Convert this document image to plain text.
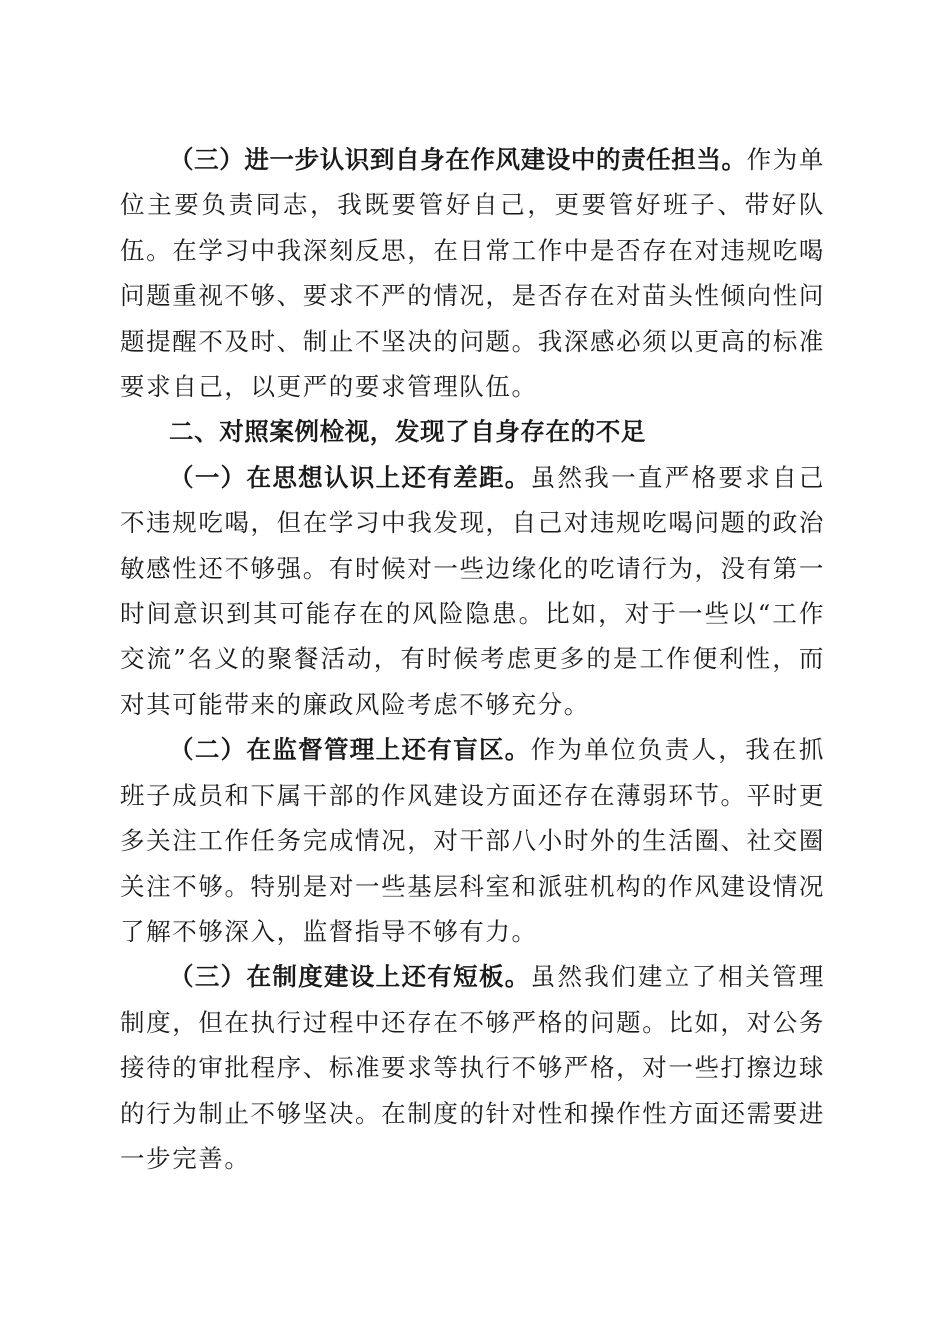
（三）进一步认识到自身在作风建设中的责任担当。作为单位主要负责同志，我既要管好自己，更要管好班子、带好队伍。在学习中我深刻反思，在日常工作中是否存在对违规吃喝问题重视不够、要求不严的情况，是否存在对苗头性倾向性问题提醒不及时、制止不坚决的问题。我深感必须以更高的标准要求自己，以更严的要求管理队伍。

二、对照案例检视，发现了自身存在的不足

（一）在思想认识上还有差距。虽然我一直严格要求自己不违规吃喝，但在学习中我发现，自己对违规吃喝问题的政治敏感性还不够强。有时候对一些边缘化的吃请行为，没有第一时间意识到其可能存在的风险隐患。比如，对于一些以“工作交流”名义的聚餐活动，有时候考虑更多的是工作便利性，而对其可能带来的廉政风险考虑不够充分。

（二）在监督管理上还有盲区。作为单位负责人，我在抓班子成员和下属干部的作风建设方面还存在薄弱环节。平时更多关注工作任务完成情况，对干部八小时外的生活圈、社交圈关注不够。特别是对一些基层科室和派驻机构的作风建设情况了解不够深入，监督指导不够有力。

（三）在制度建设上还有短板。虽然我们建立了相关管理制度，但在执行过程中还存在不够严格的问题。比如，对公务接待的审批程序、标准要求等执行不够严格，对一些打擦边球的行为制止不够坚决。在制度的针对性和操作性方面还需要进一步完善。
